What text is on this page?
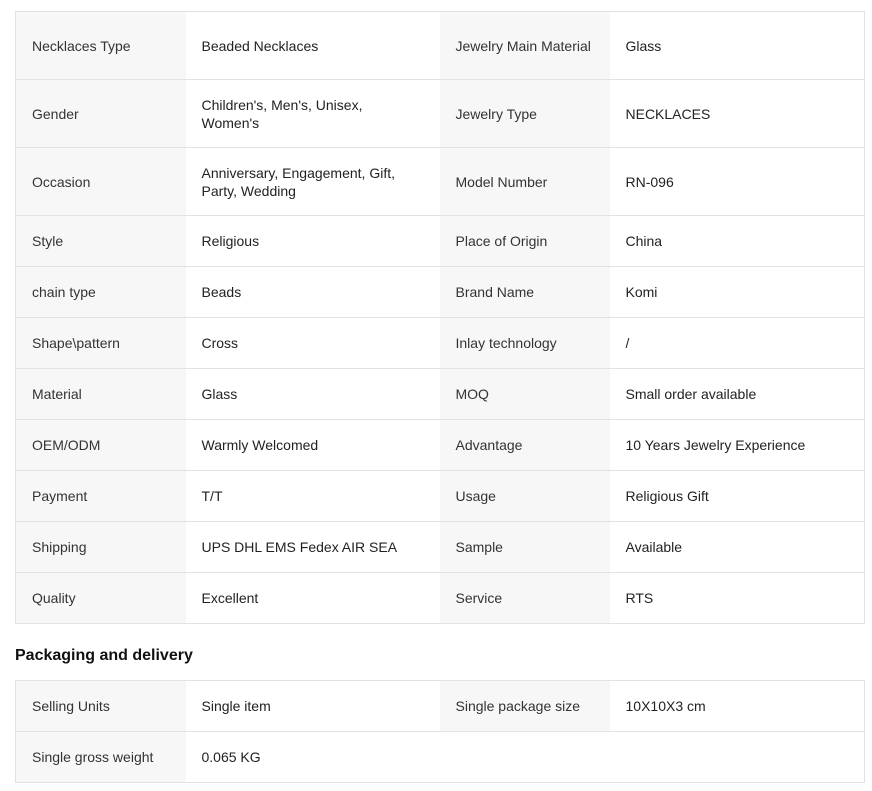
Necklaces Type	Beaded Necklaces	Jewelry Main Material	Glass
Gender	Children's, Men's, Unisex, Women's	Jewelry Type	NECKLACES
Occasion	Anniversary, Engagement, Gift, Party, Wedding	Model Number	RN-096
Style	Religious	Place of Origin	China
chain type	Beads	Brand Name	Komi
Shape\pattern	Cross	Inlay technology	/
Material	Glass	MOQ	Small order available
OEM/ODM	Warmly Welcomed	Advantage	10 Years Jewelry Experience
Payment	T/T	Usage	Religious Gift
Shipping	UPS DHL EMS Fedex AIR SEA	Sample	Available
Quality	Excellent	Service	RTS
Packaging and delivery
Selling Units	Single item	Single package size	10X10X3 cm
Single gross weight	0.065 KG		
